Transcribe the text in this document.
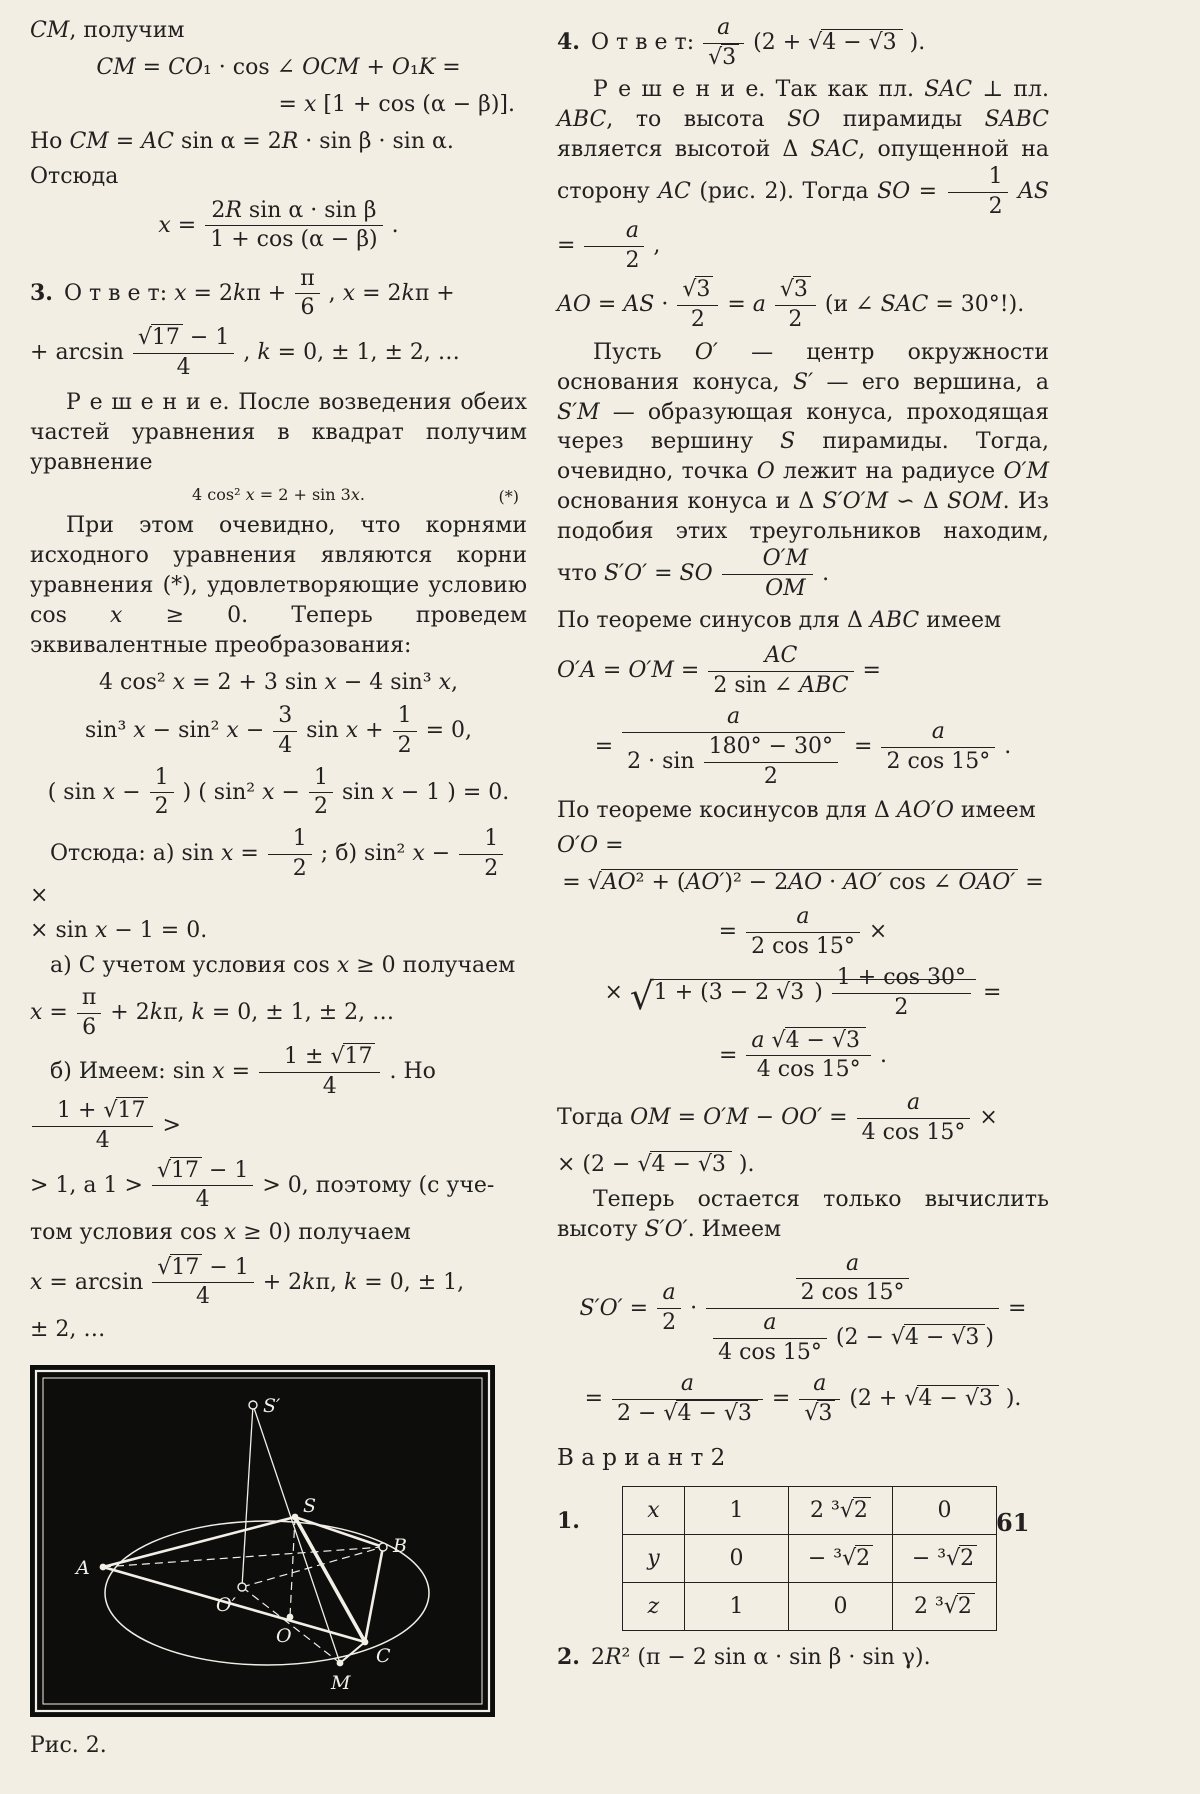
CM, получим

CM = CO₁ · cos ∠ OCM + O₁K =
= x [1 + cos (α − β)].

Но CM = AC sin α = 2R · sin β · sin α.

Отсюда

$x = \frac{\text{2R sin α · sin β}}{1 + \cos (\alpha - \beta)}$ .

3. О т в е т: $x = 2k\pi + \frac{\pi}{6}$ , x = 2kπ +

+ arcsin √ $\frac{17 - 1}{4}$ , k = 0, ± 1, ± 2, …

Р е ш е н и е. После возведения обеих частей уравнения в квадрат получим уравнение

4 cos² x = 2 + sin 3x.	(*)

При этом очевидно, что корнями исходного уравнения являются корни уравнения (*), удовлетворяющие условию cos x ≥ 0. Теперь проведем эквивалентные преобразования:

4 cos² x = 2 + 3 sin x − 4 sin³ x,
sin³ x − sin² $x - \frac{3}{4}$ $\sin x + \frac{1}{2} = 0$,
( $\sin x - \frac{1}{2}$ ) ( sin² $x - \frac{1}{2}$ sin x − 1 ) = 0.

Отсюда: а) $\sin x = \frac{1}{2}$ ; б) sin² $x - \frac{1}{2}$
×

× sin x − 1 = 0.

а) С учетом условия cos x ≥ 0 получаем

$x = \frac{\pi}{6} + 2k\pi$, k = 0, ± 1, ± 2, …

б) Имеем: $\sin x = \frac{1 \pm √ 17}{4}$ . Но
$\frac{1 + √ 17}{4}$ >

> 1, а 1 > √ $\frac{17 - 1}{4} > 0$, поэтому (с уче-

том условия cos x ≥ 0) получаем

x = arcsin √ $\frac{17 - 1}{4} + 2k\pi$, k = 0, ± 1,

± 2, …

S′
S
B
A
O′
O
C
M
Рис. 2.

4. О т в е т: a
√ 3 (2 + √ 4 − √ 3 ).

Р е ш е н и е. Так как пл. SAC ⊥ пл. ABC, то высота SO пирамиды SABC является высотой Δ SAC, опущенной на сторону AC (рис. 2). Тогда SO = $\frac{1}{2}$ AS = $\frac{a}{2}$ ,

AO = AS · √ $\frac{3}{2} = a$ √ $\frac{3}{2} (и$ ∠ SAC = 30°!).

Пусть O′ — центр окружности основания конуса, S′ — его вершина, а S′M — образующая конуса, проходящая через вершину S пирамиды. Тогда, очевидно, точка O лежит на радиусе O′M основания конуса и Δ S′O′M ∽ Δ SOM. Из подобия этих треугольников находим, что S′O′ = SO $\frac{O'M}{OM}$ .

По теореме синусов для Δ ABC имеем

$O'A = O'M = \frac{AC}{\text{2 sin ∠ ABC}}$ =

= $\frac{a}{2 \cdot \sin \frac{180^\circ - 30^\circ}{2}} = \frac{a}{2 \cos 15^\circ}$ .

По теореме косинусов для Δ AO′O имеем

O′O =

= √ AO² + (AO′)² − 2AO · AO′ cos ∠ OAO′ =
= $\frac{a}{2 \cos 15^\circ}$ ×
× √ 1 + (3 − 2 √ 3 ) $\frac{1 + \cos 30^\circ}{2}$ =
= $\frac{a √ 4 - √ 3}{4 \cos 15^\circ}$ .

Тогда OM = $O'M - OO' = \frac{a}{4 \cos 15^\circ}$ ×

× (2 − √ 4 − √ 3 ).

Теперь остается только вычислить высоту S′O′. Имеем

$S'O' = \frac{a}{2} \cdot \frac{\frac{a}{2 \cos 15^\circ}}{\frac{a}{4 \cos 15^\circ} (2 - √ 4 - √ 3 )}$ =
= $\frac{a}{2 - √ 4 - √ 3} = a$
√ 3 (2 + √ 4 − √ 3 ).

В а р и а н т 2

1.	x	1	2 ³√ 2	0
y	0	− ³√ 2	− ³√ 2
z	1	0	2 ³√ 2

2. 2R² (π − 2 sin α · sin β · sin γ).

61
